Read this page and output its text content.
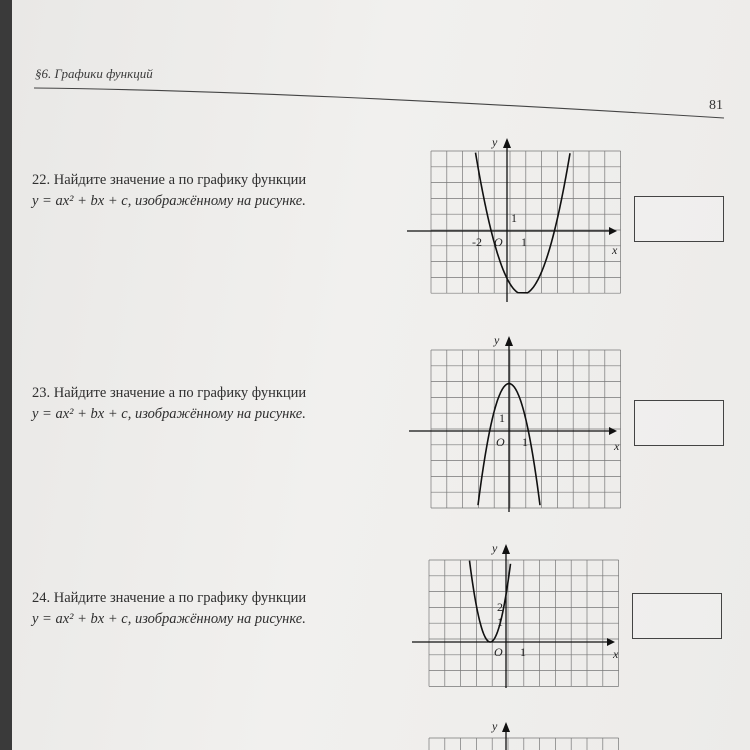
§6. Графики функций
81
22. Найдите значение a по графику функции
y = ax² + bx + c, изображённому на рисунке.
y
x
-2 O 1
1
23. Найдите значение a по графику функции
y = ax² + bx + c, изображённому на рисунке.
y
x
1
O 1
24. Найдите значение a по графику функции
y = ax² + bx + c, изображённому на рисунке.
y
x
2
1
O 1
y
